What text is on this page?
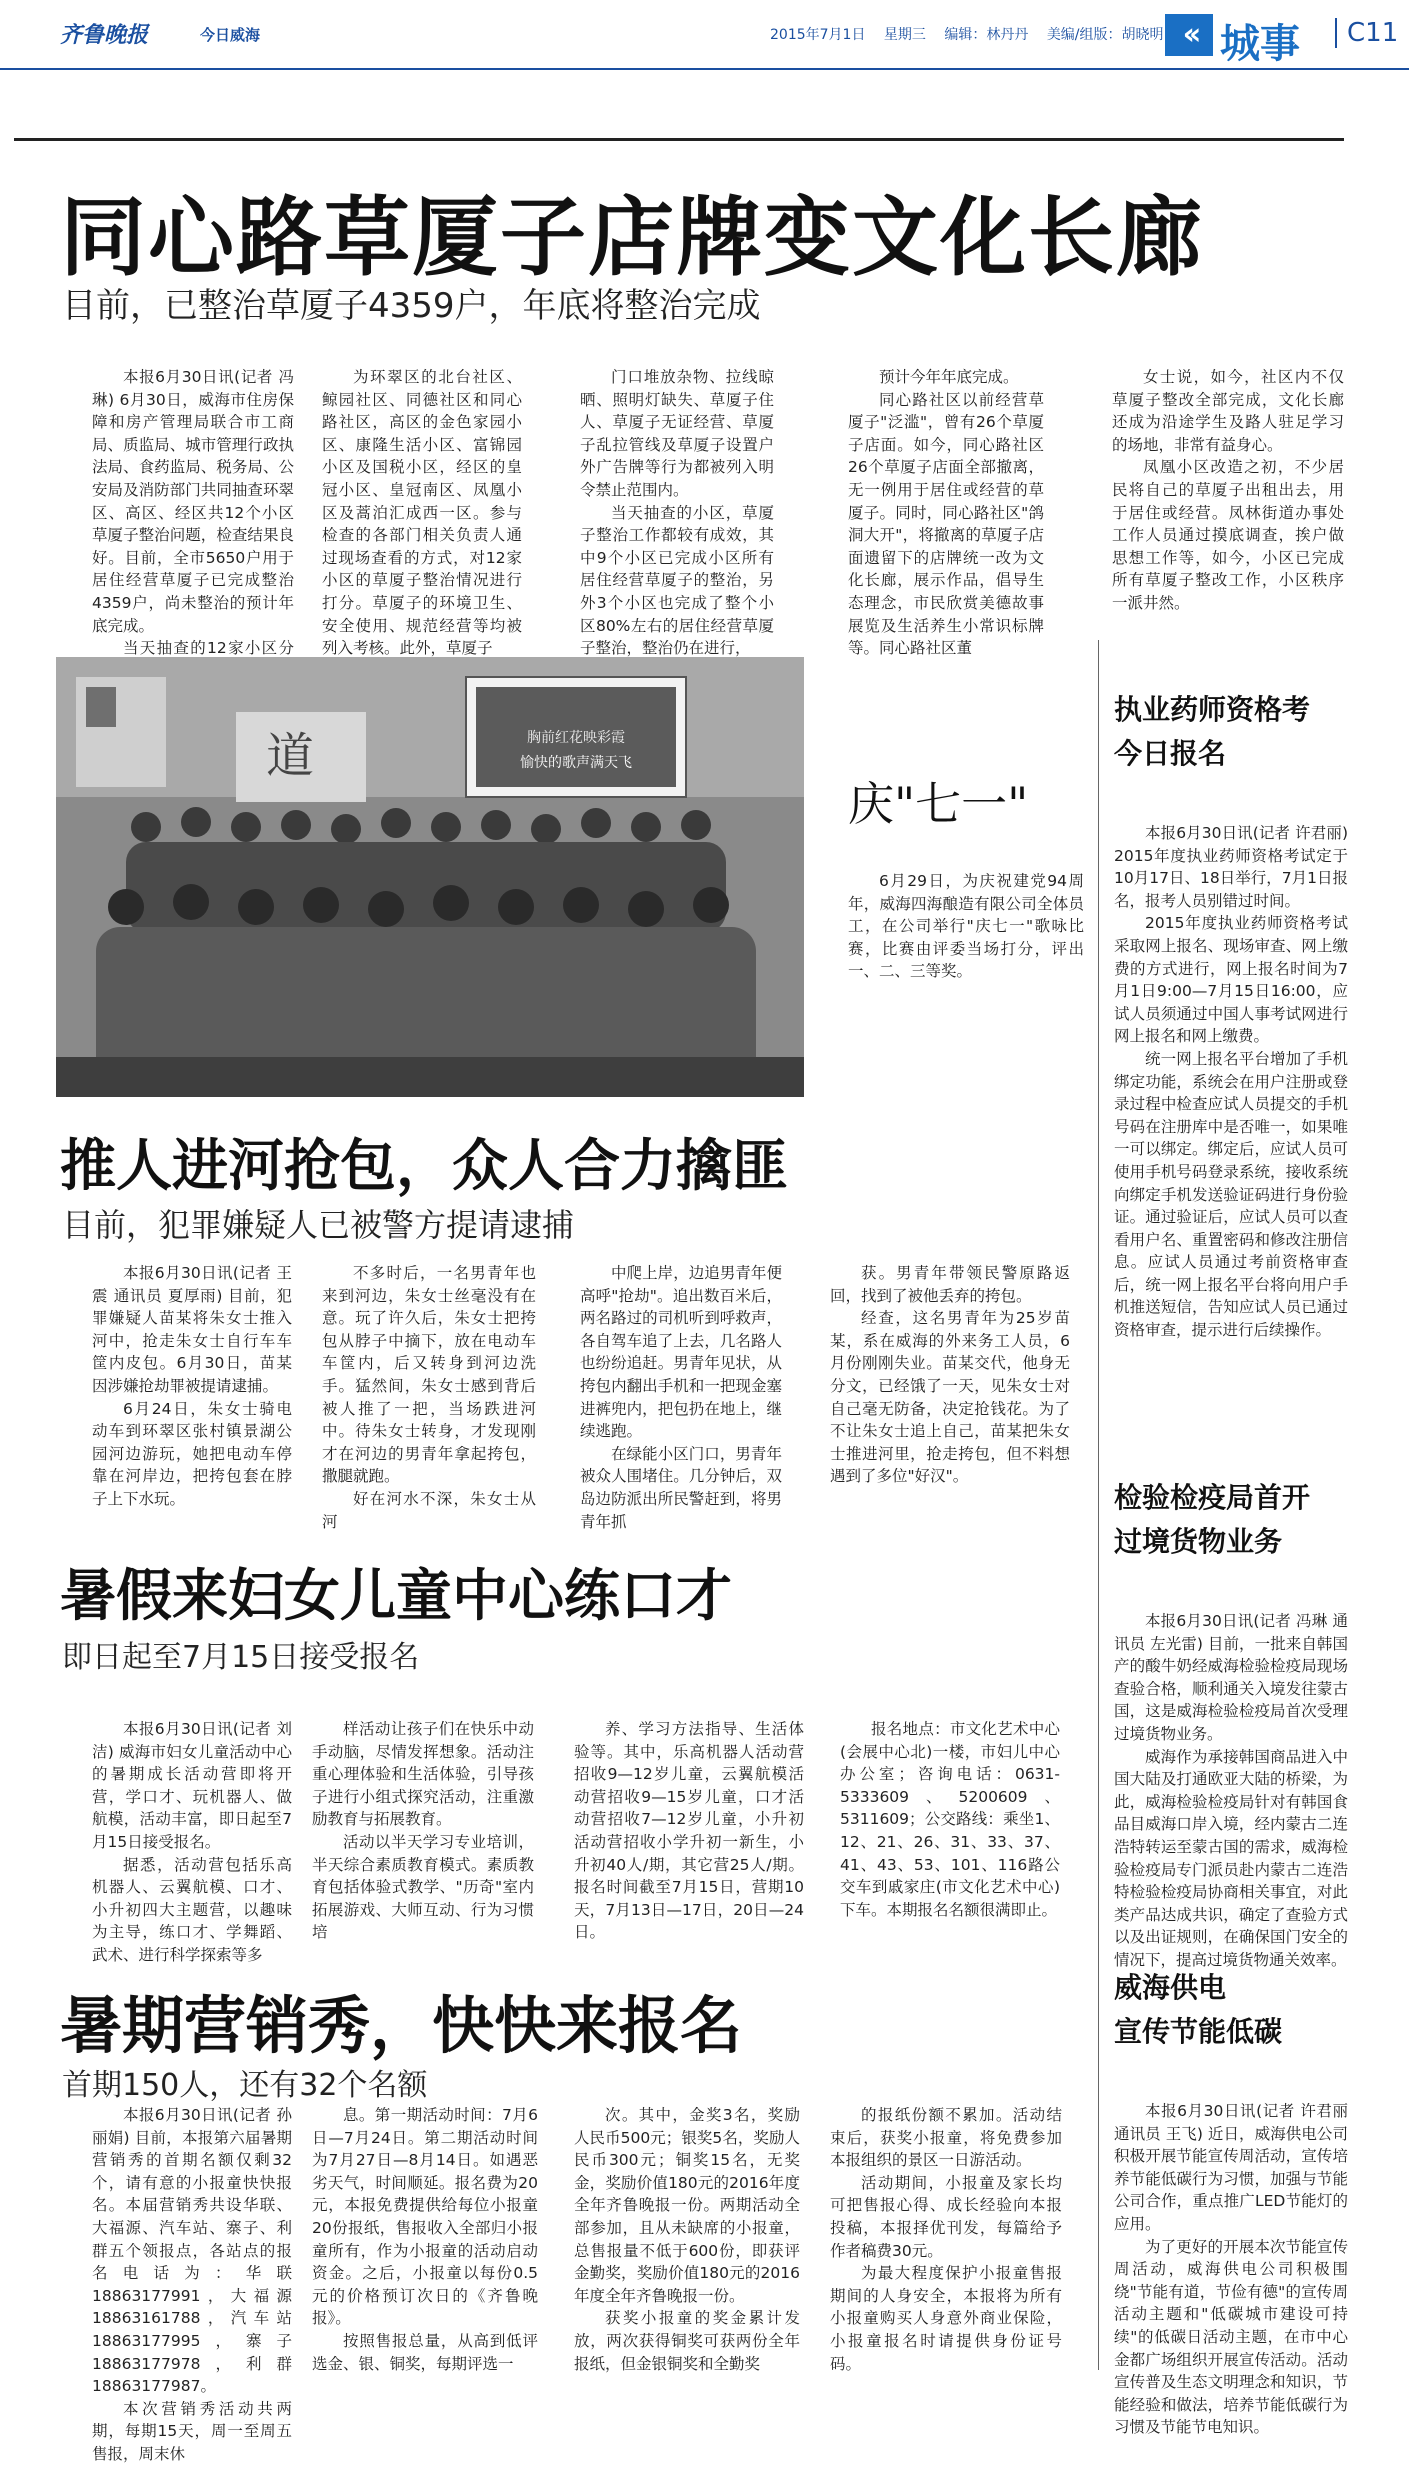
齐鲁晚报	今日威海	2015年7月1日 星期三 编辑：林丹丹 美编/组版：胡晓明 ‹‹ 城事	C11
同心路草厦子店牌变文化长廊
目前，已整治草厦子4359户，年底将整治完成

本报6月30日讯(记者 冯琳) 6月30日，威海市住房保障和房产管理局联合市工商局、质监局、城市管理行政执法局、食药监局、税务局、公安局及消防部门共同抽查环翠区、高区、经区共12个小区草厦子整治问题，检查结果良好。目前，全市5650户用于居住经营草厦子已完成整治4359户，尚未整治的预计年底完成。

当天抽查的12家小区分

为环翠区的北台社区、鲸园社区、同德社区和同心路社区，高区的金色家园小区、康隆生活小区、富锦园小区及国税小区，经区的皇冠小区、皇冠南区、凤凰小区及蒿泊汇成西一区。参与检查的各部门相关负责人通过现场查看的方式，对12家小区的草厦子整治情况进行打分。草厦子的环境卫生、安全使用、规范经营等均被列入考核。此外，草厦子

门口堆放杂物、拉线晾晒、照明灯缺失、草厦子住人、草厦子无证经营、草厦子乱拉管线及草厦子设置户外广告牌等行为都被列入明令禁止范围内。

当天抽查的小区，草厦子整治工作都较有成效，其中9个小区已完成小区所有居住经营草厦子的整治，另外3个小区也完成了整个小区80%左右的居住经营草厦子整治，整治仍在进行，

预计今年年底完成。

同心路社区以前经营草厦子"泛滥"，曾有26个草厦子店面。如今，同心路社区26个草厦子店面全部撤离，无一例用于居住或经营的草厦子。同时，同心路社区"鸽洞大开"，将撤离的草厦子店面遗留下的店牌统一改为文化长廊，展示作品，倡导生态理念，市民欣赏美德故事展览及生活养生小常识标牌等。同心路社区董

女士说，如今，社区内不仅草厦子整改全部完成，文化长廊还成为沿途学生及路人驻足学习的场地，非常有益身心。

凤凰小区改造之初，不少居民将自己的草厦子出租出去，用于居住或经营。凤林街道办事处工作人员通过摸底调查，挨户做思想工作等，如今，小区已完成所有草厦子整改工作，小区秩序一派井然。

道	胸前红花映彩霞
愉快的歌声满天飞
庆"七一"
6月29日，为庆祝建党94周年，威海四海酿造有限公司全体员工，在公司举行"庆七一"歌咏比赛，比赛由评委当场打分，评出一、二、三等奖。
推人进河抢包，众人合力擒匪
目前，犯罪嫌疑人已被警方提请逮捕

本报6月30日讯(记者 王震 通讯员 夏厚雨) 目前，犯罪嫌疑人苗某将朱女士推入河中，抢走朱女士自行车车筐内皮包。6月30日，苗某因涉嫌抢劫罪被提请逮捕。

6月24日，朱女士骑电动车到环翠区张村镇景湖公园河边游玩，她把电动车停靠在河岸边，把挎包套在脖子上下水玩。

不多时后，一名男青年也来到河边，朱女士丝毫没有在意。玩了许久后，朱女士把挎包从脖子中摘下，放在电动车车筐内，后又转身到河边洗手。猛然间，朱女士感到背后被人推了一把，当场跌进河中。待朱女士转身，才发现刚才在河边的男青年拿起挎包，撒腿就跑。

好在河水不深，朱女士从河

中爬上岸，边追男青年便高呼"抢劫"。追出数百米后，两名路过的司机听到呼救声，各自驾车追了上去，几名路人也纷纷追赶。男青年见状，从挎包内翻出手机和一把现金塞进裤兜内，把包扔在地上，继续逃跑。

在绿能小区门口，男青年被众人围堵住。几分钟后，双岛边防派出所民警赶到，将男青年抓

获。男青年带领民警原路返回，找到了被他丢弃的挎包。

经查，这名男青年为25岁苗某，系在威海的外来务工人员，6月份刚刚失业。苗某交代，他身无分文，已经饿了一天，见朱女士对自己毫无防备，决定抢钱花。为了不让朱女士追上自己，苗某把朱女士推进河里，抢走挎包，但不料想遇到了多位"好汉"。

暑假来妇女儿童中心练口才
即日起至7月15日接受报名

本报6月30日讯(记者 刘洁) 威海市妇女儿童活动中心的暑期成长活动营即将开营，学口才、玩机器人、做航模，活动丰富，即日起至7月15日接受报名。

据悉，活动营包括乐高机器人、云翼航模、口才、小升初四大主题营，以趣味为主导，练口才、学舞蹈、武术、进行科学探索等多

样活动让孩子们在快乐中动手动脑，尽情发挥想象。活动注重心理体验和生活体验，引导孩子进行小组式探究活动，注重激励教育与拓展教育。

活动以半天学习专业培训，半天综合素质教育模式。素质教育包括体验式教学、"历奇"室内拓展游戏、大师互动、行为习惯培

养、学习方法指导、生活体验等。其中，乐高机器人活动营招收9—12岁儿童，云翼航模活动营招收9—15岁儿童，口才活动营招收7—12岁儿童，小升初活动营招收小学升初一新生，小升初40人/期，其它营25人/期。报名时间截至7月15日，营期10天，7月13日—17日，20日—24日。

报名地点：市文化艺术中心(会展中心北)一楼，市妇儿中心办公室；咨询电话：0631-5333609、5200609、5311609；公交路线：乘坐1、12、21、26、31、33、37、41、43、53、101、116路公交车到戚家庄(市文化艺术中心)下车。本期报名名额很满即止。

暑期营销秀，快快来报名
首期150人，还有32个名额

本报6月30日讯(记者 孙丽娟) 目前，本报第六届暑期营销秀的首期名额仅剩32个，请有意的小报童快快报名。本届营销秀共设华联、大福源、汽车站、寨子、利群五个领报点，各站点的报名电话为：华联18863177991，大福源18863161788，汽车站18863177995，寨子18863177978，利群18863177987。

本次营销秀活动共两期，每期15天，周一至周五售报，周末休

息。第一期活动时间：7月6日—7月24日。第二期活动时间为7月27日—8月14日。如遇恶劣天气，时间顺延。报名费为20元，本报免费提供给每位小报童20份报纸，售报收入全部归小报童所有，作为小报童的活动启动资金。之后，小报童以每份0.5元的价格预订次日的《齐鲁晚报》。

按照售报总量，从高到低评选金、银、铜奖，每期评选一

次。其中，金奖3名，奖励人民币500元；银奖5名，奖励人民币300元；铜奖15名，无奖金，奖励价值180元的2016年度全年齐鲁晚报一份。两期活动全部参加，且从未缺席的小报童，总售报量不低于600份，即获评金勤奖，奖励价值180元的2016年度全年齐鲁晚报一份。

获奖小报童的奖金累计发放，两次获得铜奖可获两份全年报纸，但金银铜奖和全勤奖

的报纸份额不累加。活动结束后，获奖小报童，将免费参加本报组织的景区一日游活动。

活动期间，小报童及家长均可把售报心得、成长经验向本报投稿，本报择优刊发，每篇给予作者稿费30元。

为最大程度保护小报童售报期间的人身安全，本报将为所有小报童购买人身意外商业保险，小报童报名时请提供身份证号码。

执业药师资格考
今日报名

本报6月30日讯(记者 许君丽) 2015年度执业药师资格考试定于10月17日、18日举行，7月1日报名，报考人员别错过时间。

2015年度执业药师资格考试采取网上报名、现场审查、网上缴费的方式进行，网上报名时间为7月1日9:00—7月15日16:00，应试人员须通过中国人事考试网进行网上报名和网上缴费。

统一网上报名平台增加了手机绑定功能，系统会在用户注册或登录过程中检查应试人员提交的手机号码在注册库中是否唯一，如果唯一可以绑定。绑定后，应试人员可使用手机号码登录系统，接收系统向绑定手机发送验证码进行身份验证。通过验证后，应试人员可以查看用户名、重置密码和修改注册信息。应试人员通过考前资格审查后，统一网上报名平台将向用户手机推送短信，告知应试人员已通过资格审查，提示进行后续操作。

检验检疫局首开
过境货物业务

本报6月30日讯(记者 冯琳 通讯员 左光雷) 目前，一批来自韩国产的酸牛奶经威海检验检疫局现场查验合格，顺利通关入境发往蒙古国，这是威海检验检疫局首次受理过境货物业务。

威海作为承接韩国商品进入中国大陆及打通欧亚大陆的桥梁，为此，威海检验检疫局针对有韩国食品目威海口岸入境，经内蒙古二连浩特转运至蒙古国的需求，威海检验检疫局专门派员赴内蒙古二连浩特检验检疫局协商相关事宜，对此类产品达成共识，确定了查验方式以及出证规则，在确保国门安全的情况下，提高过境货物通关效率。

威海供电
宣传节能低碳

本报6月30日讯(记者 许君丽 通讯员 王飞) 近日，威海供电公司积极开展节能宣传周活动，宣传培养节能低碳行为习惯，加强与节能公司合作，重点推广LED节能灯的应用。

为了更好的开展本次节能宣传周活动，威海供电公司积极围绕"节能有道，节俭有德"的宣传周活动主题和"低碳城市建设可持续"的低碳日活动主题，在市中心金都广场组织开展宣传活动。活动宣传普及生态文明理念和知识，节能经验和做法，培养节能低碳行为习惯及节能节电知识。
